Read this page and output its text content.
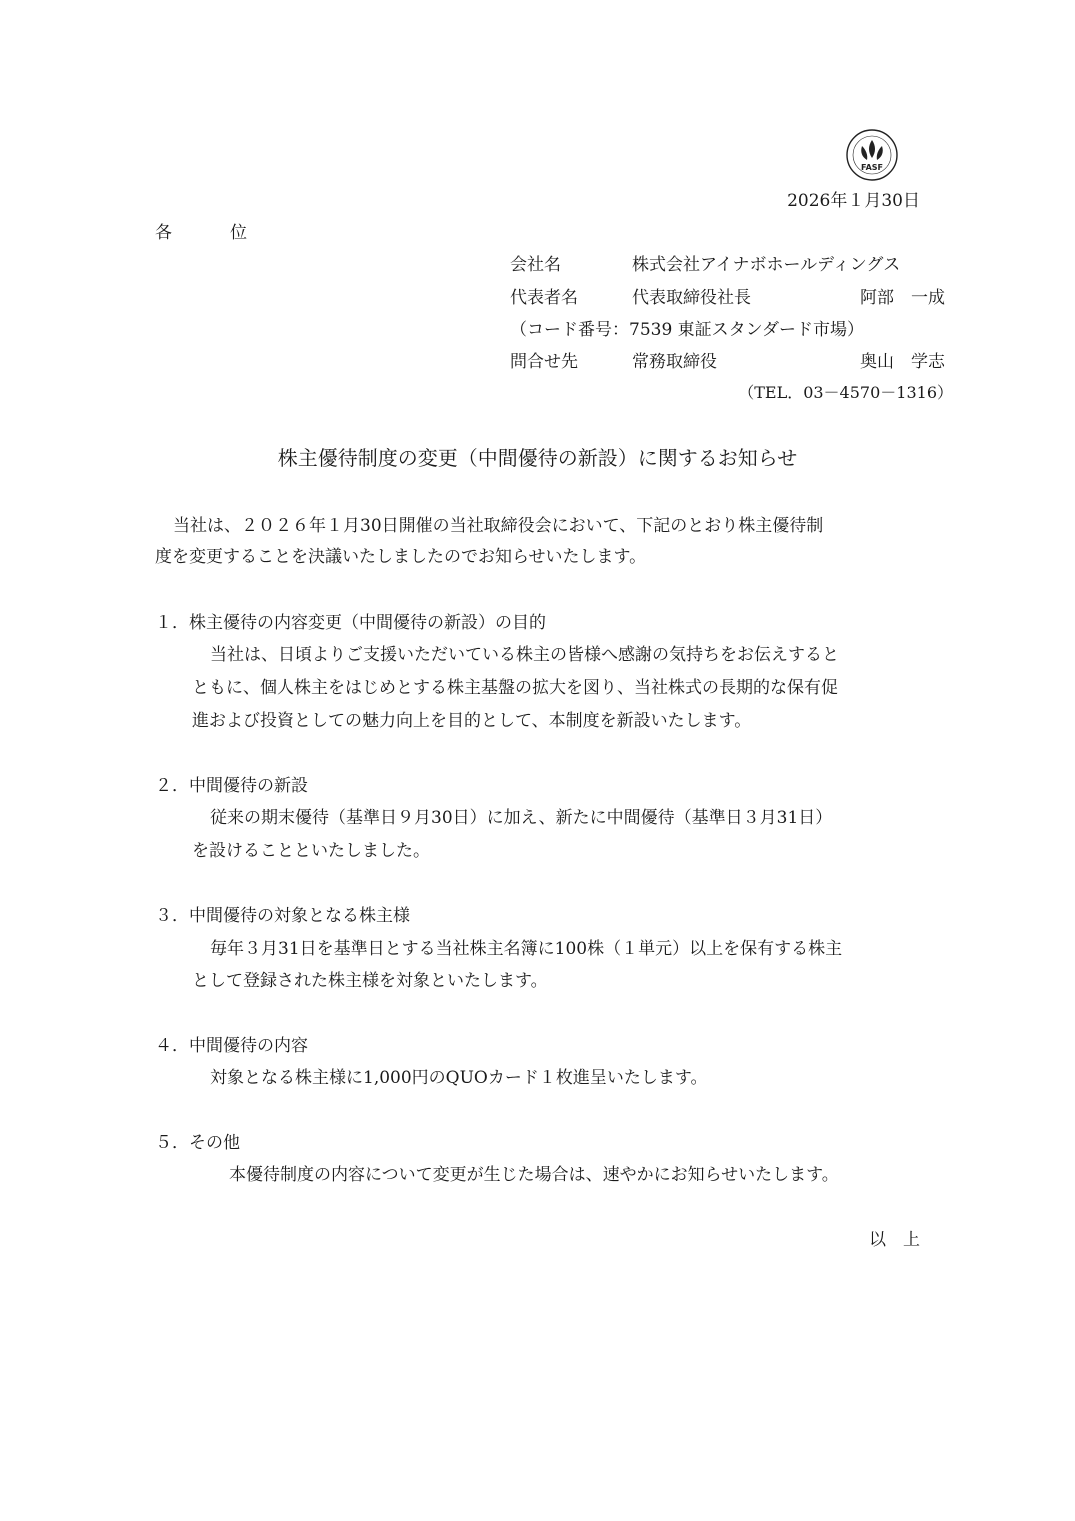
FASF
2026年１月30日
各	位
会社名	株式会社アイナボホールディングス
代表者名	代表取締役社長	阿部　一成
（コード番号：7539 東証スタンダード市場）
問合せ先	常務取締役	奥山　学志
（TEL．03－4570－1316）
株主優待制度の変更（中間優待の新設）に関するお知らせ
当社は、２０２６年１月30日開催の当社取締役会において、下記のとおり株主優待制
度を変更することを決議いたしましたのでお知らせいたします。
１．株主優待の内容変更（中間優待の新設）の目的
当社は、日頃よりご支援いただいている株主の皆様へ感謝の気持ちをお伝えすると
ともに、個人株主をはじめとする株主基盤の拡大を図り、当社株式の長期的な保有促
進および投資としての魅力向上を目的として、本制度を新設いたします。
２．中間優待の新設
従来の期末優待（基準日９月30日）に加え、新たに中間優待（基準日３月31日）
を設けることといたしました。
３．中間優待の対象となる株主様
毎年３月31日を基準日とする当社株主名簿に100株（１単元）以上を保有する株主
として登録された株主様を対象といたします。
４．中間優待の内容
対象となる株主様に1,000円のQUOカード１枚進呈いたします。
５．その他
本優待制度の内容について変更が生じた場合は、速やかにお知らせいたします。
以　上
